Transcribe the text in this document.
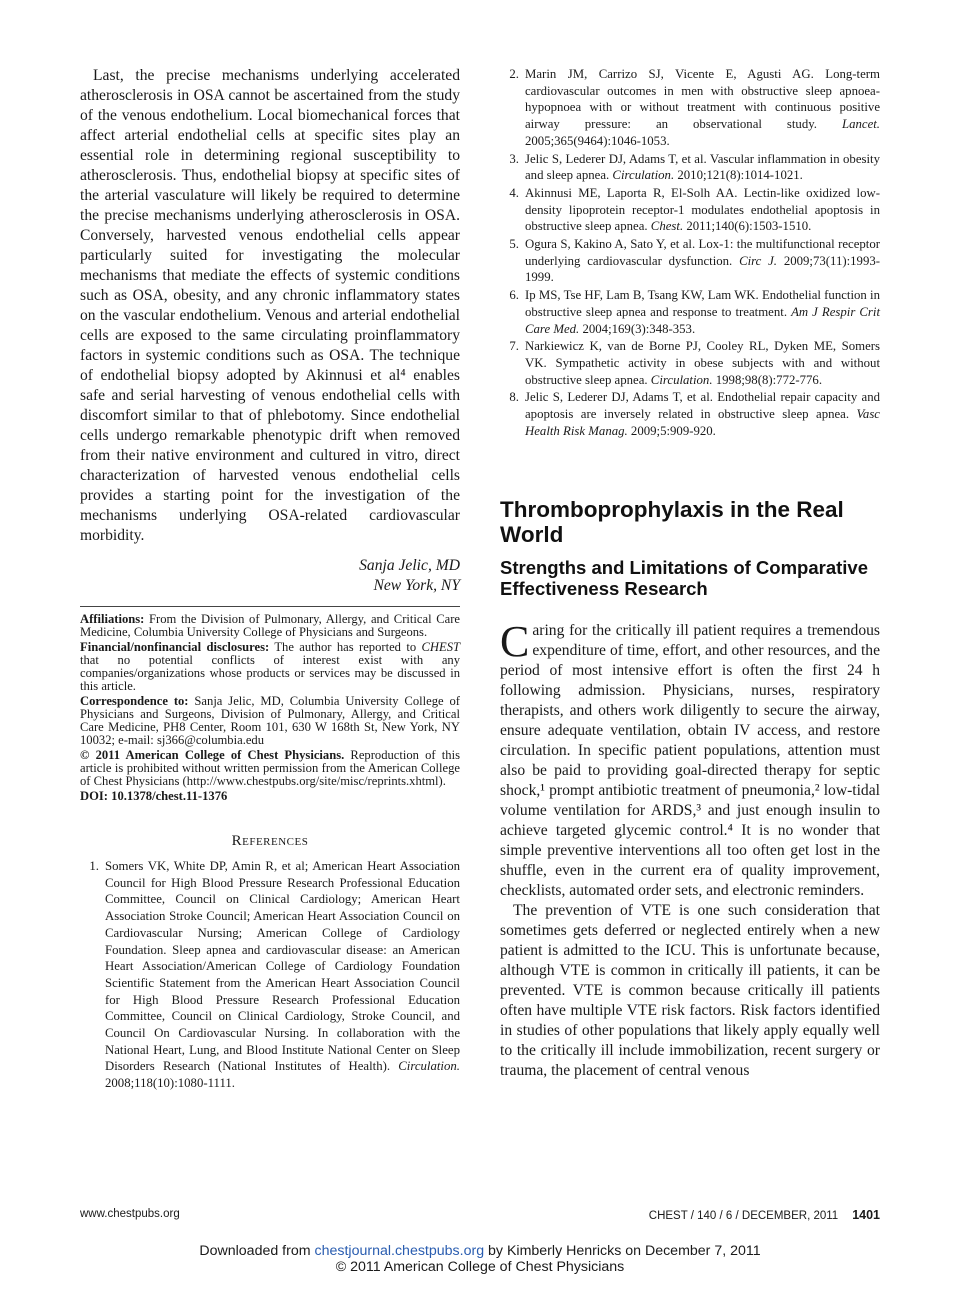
Last, the precise mechanisms underlying accelerated atherosclerosis in OSA cannot be ascertained from the study of the venous endothelium. Local biomechanical forces that affect arterial endothelial cells at specific sites play an essential role in determining regional susceptibility to atherosclerosis. Thus, endothelial biopsy at specific sites of the arterial vasculature will likely be required to determine the precise mechanisms underlying atherosclerosis in OSA. Conversely, harvested venous endothelial cells appear particularly suited for investigating the molecular mechanisms that mediate the effects of systemic conditions such as OSA, obesity, and any chronic inflammatory states on the vascular endothelium. Venous and arterial endothelial cells are exposed to the same circulating proinflammatory factors in systemic conditions such as OSA. The technique of endothelial biopsy adopted by Akinnusi et al⁴ enables safe and serial harvesting of venous endothelial cells with discomfort similar to that of phlebotomy. Since endothelial cells undergo remarkable phenotypic drift when removed from their native environment and cultured in vitro, direct characterization of harvested venous endothelial cells provides a starting point for the investigation of the mechanisms underlying OSA-related cardiovascular morbidity.

Sanja Jelic, MD
New York, NY

Affiliations: From the Division of Pulmonary, Allergy, and Critical Care Medicine, Columbia University College of Physicians and Surgeons.

Financial/nonfinancial disclosures: The author has reported to CHEST that no potential conflicts of interest exist with any companies/organizations whose products or services may be discussed in this article.

Correspondence to: Sanja Jelic, MD, Columbia University College of Physicians and Surgeons, Division of Pulmonary, Allergy, and Critical Care Medicine, PH8 Center, Room 101, 630 W 168th St, New York, NY 10032; e-mail: sj366@columbia.edu

© 2011 American College of Chest Physicians. Reproduction of this article is prohibited without written permission from the American College of Chest Physicians (http://www.chestpubs.org/site/misc/reprints.xhtml).

DOI: 10.1378/chest.11-1376

References
1. Somers VK, White DP, Amin R, et al; American Heart Association Council for High Blood Pressure Research Professional Education Committee, Council on Clinical Cardiology; American Heart Association Stroke Council; American Heart Association Council on Cardiovascular Nursing; American College of Cardiology Foundation. Sleep apnea and cardiovascular disease: an American Heart Association/American College of Cardiology Foundation Scientific Statement from the American Heart Association Council for High Blood Pressure Research Professional Education Committee, Council on Clinical Cardiology, Stroke Council, and Council On Cardiovascular Nursing. In collaboration with the National Heart, Lung, and Blood Institute National Center on Sleep Disorders Research (National Institutes of Health). Circulation. 2008;118(10):1080-1111.
2. Marin JM, Carrizo SJ, Vicente E, Agusti AG. Long-term cardiovascular outcomes in men with obstructive sleep apnoea-hypopnoea with or without treatment with continuous positive airway pressure: an observational study. Lancet. 2005;365(9464):1046-1053.
3. Jelic S, Lederer DJ, Adams T, et al. Vascular inflammation in obesity and sleep apnea. Circulation. 2010;121(8):1014-1021.
4. Akinnusi ME, Laporta R, El-Solh AA. Lectin-like oxidized low-density lipoprotein receptor-1 modulates endothelial apoptosis in obstructive sleep apnea. Chest. 2011;140(6):1503-1510.
5. Ogura S, Kakino A, Sato Y, et al. Lox-1: the multifunctional receptor underlying cardiovascular dysfunction. Circ J. 2009;73(11):1993-1999.
6. Ip MS, Tse HF, Lam B, Tsang KW, Lam WK. Endothelial function in obstructive sleep apnea and response to treatment. Am J Respir Crit Care Med. 2004;169(3):348-353.
7. Narkiewicz K, van de Borne PJ, Cooley RL, Dyken ME, Somers VK. Sympathetic activity in obese subjects with and without obstructive sleep apnea. Circulation. 1998;98(8):772-776.
8. Jelic S, Lederer DJ, Adams T, et al. Endothelial repair capacity and apoptosis are inversely related in obstructive sleep apnea. Vasc Health Risk Manag. 2009;5:909-920.
Thromboprophylaxis in the Real World
Strengths and Limitations of Comparative Effectiveness Research

Caring for the critically ill patient requires a tremendous expenditure of time, effort, and other resources, and the period of most intensive effort is often the first 24 h following admission. Physicians, nurses, respiratory therapists, and others work diligently to secure the airway, ensure adequate ventilation, obtain IV access, and restore circulation. In specific patient populations, attention must also be paid to providing goal-directed therapy for septic shock,¹ prompt antibiotic treatment of pneumonia,² low-tidal volume ventilation for ARDS,³ and just enough insulin to achieve targeted glycemic control.⁴ It is no wonder that simple preventive interventions all too often get lost in the shuffle, even in the current era of quality improvement, checklists, automated order sets, and electronic reminders.

The prevention of VTE is one such consideration that sometimes gets deferred or neglected entirely when a new patient is admitted to the ICU. This is unfortunate because, although VTE is common in critically ill patients, it can be prevented. VTE is common because critically ill patients often have multiple VTE risk factors. Risk factors identified in studies of other populations that likely apply equally well to the critically ill include immobilization, recent surgery or trauma, the placement of central venous

www.chestpubs.org	CHEST / 140 / 6 / DECEMBER, 2011 1401
Downloaded from chestjournal.chestpubs.org by Kimberly Henricks on December 7, 2011
© 2011 American College of Chest Physicians
